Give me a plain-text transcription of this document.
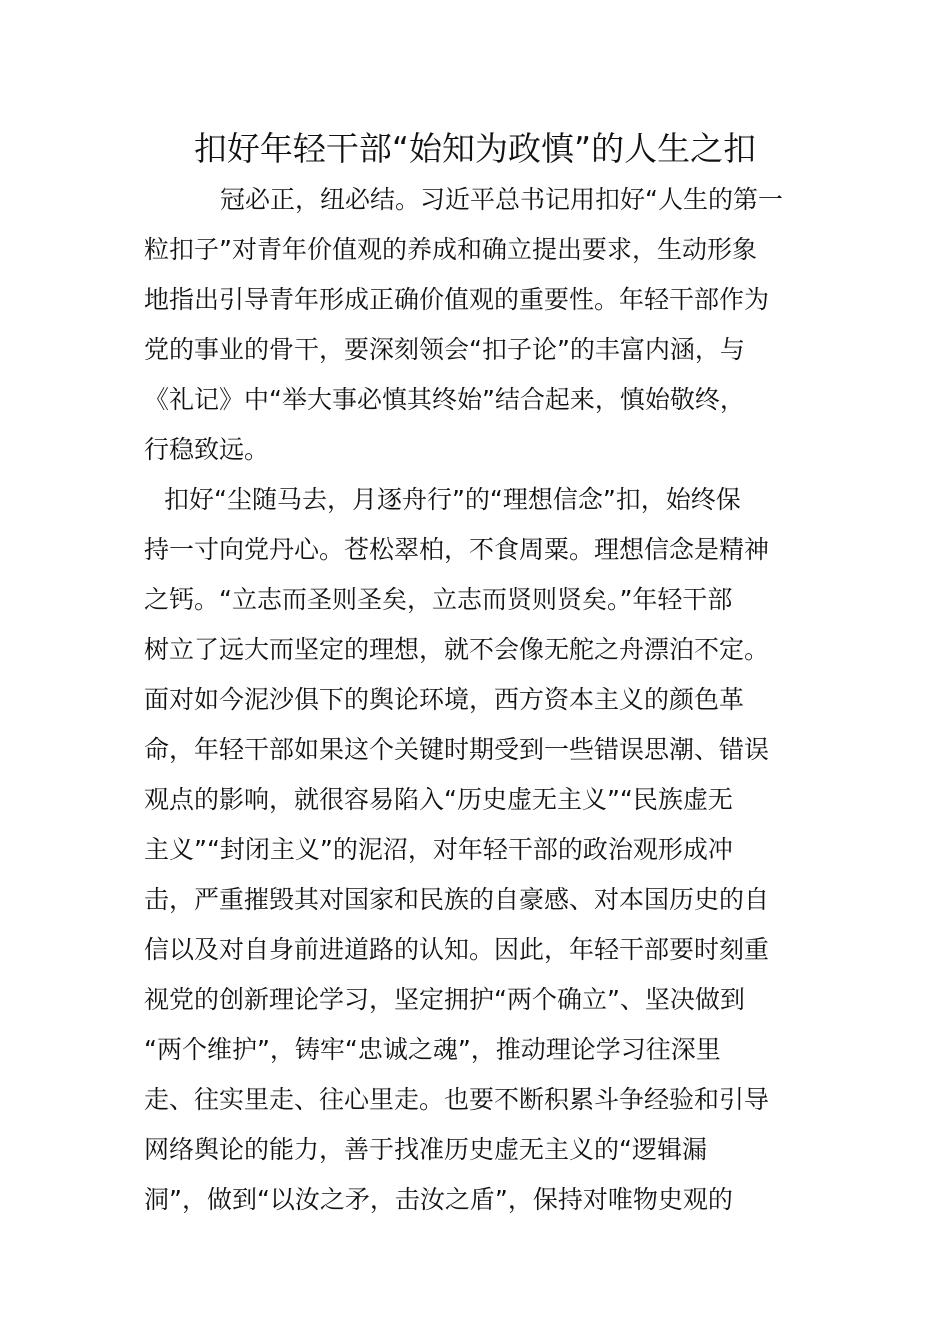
扣好年轻干部“始知为政慎”的人生之扣
冠必正，纽必结。习近平总书记用扣好“人生的第一
粒扣子”对青年价值观的养成和确立提出要求，生动形象
地指出引导青年形成正确价值观的重要性。年轻干部作为
党的事业的骨干，要深刻领会“扣子论”的丰富内涵，与
《礼记》中“举大事必慎其终始”结合起来，慎始敬终，
行稳致远。
扣好“尘随马去，月逐舟行”的“理想信念”扣，始终保
持一寸向党丹心。苍松翠柏，不食周粟。理想信念是精神
之钙。“立志而圣则圣矣，立志而贤则贤矣。”年轻干部
树立了远大而坚定的理想，就不会像无舵之舟漂泊不定。
面对如今泥沙俱下的舆论环境，西方资本主义的颜色革
命，年轻干部如果这个关键时期受到一些错误思潮、错误
观点的影响，就很容易陷入“历史虚无主义”“民族虚无
主义”“封闭主义”的泥沼，对年轻干部的政治观形成冲
击，严重摧毁其对国家和民族的自豪感、对本国历史的自
信以及对自身前进道路的认知。因此，年轻干部要时刻重
视党的创新理论学习，坚定拥护“两个确立”、坚决做到
“两个维护”，铸牢“忠诚之魂”，推动理论学习往深里
走、往实里走、往心里走。也要不断积累斗争经验和引导
网络舆论的能力，善于找准历史虚无主义的“逻辑漏
洞”，做到“以汝之矛，击汝之盾”，保持对唯物史观的
